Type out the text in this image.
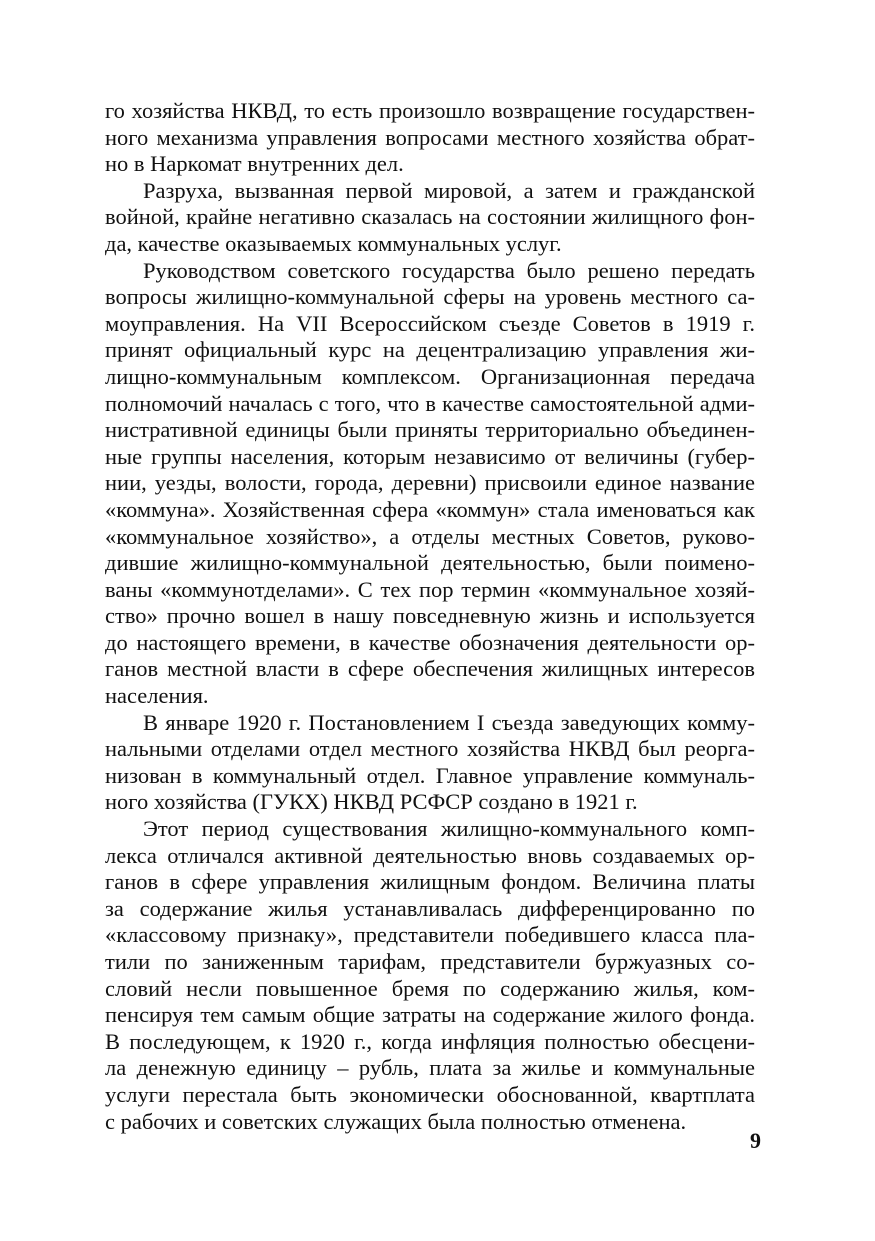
го хозяйства НКВД, то есть произошло возвращение государствен-
ного механизма управления вопросами местного хозяйства обрат-
но в Наркомат внутренних дел.
Разруха, вызванная первой мировой, а затем и гражданской
войной, крайне негативно сказалась на состоянии жилищного фон-
да, качестве оказываемых коммунальных услуг.
Руководством советского государства было решено передать
вопросы жилищно-коммунальной сферы на уровень местного са-
моуправления. На VII Всероссийском съезде Советов в 1919 г.
принят официальный курс на децентрализацию управления жи-
лищно-коммунальным комплексом. Организационная передача
полномочий началась с того, что в качестве самостоятельной адми-
нистративной единицы были приняты территориально объединен-
ные группы населения, которым независимо от величины (губер-
нии, уезды, волости, города, деревни) присвоили единое название
«коммуна». Хозяйственная сфера «коммун» стала именоваться как
«коммунальное хозяйство», а отделы местных Советов, руково-
дившие жилищно-коммунальной деятельностью, были поимено-
ваны «коммунотделами». С тех пор термин «коммунальное хозяй-
ство» прочно вошел в нашу повседневную жизнь и используется
до настоящего времени, в качестве обозначения деятельности ор-
ганов местной власти в сфере обеспечения жилищных интересов
населения.
В январе 1920 г. Постановлением I съезда заведующих комму-
нальными отделами отдел местного хозяйства НКВД был реорга-
низован в коммунальный отдел. Главное управление коммуналь-
ного хозяйства (ГУКХ) НКВД РСФСР создано в 1921 г.
Этот период существования жилищно-коммунального комп-
лекса отличался активной деятельностью вновь создаваемых ор-
ганов в сфере управления жилищным фондом. Величина платы
за содержание жилья устанавливалась дифференцированно по
«классовому признаку», представители победившего класса пла-
тили по заниженным тарифам, представители буржуазных со-
словий несли повышенное бремя по содержанию жилья, ком-
пенсируя тем самым общие затраты на содержание жилого фонда.
В последующем, к 1920 г., когда инфляция полностью обесцени-
ла денежную единицу – рубль, плата за жилье и коммунальные
услуги перестала быть экономически обоснованной, квартплата
с рабочих и советских служащих была полностью отменена.
9
